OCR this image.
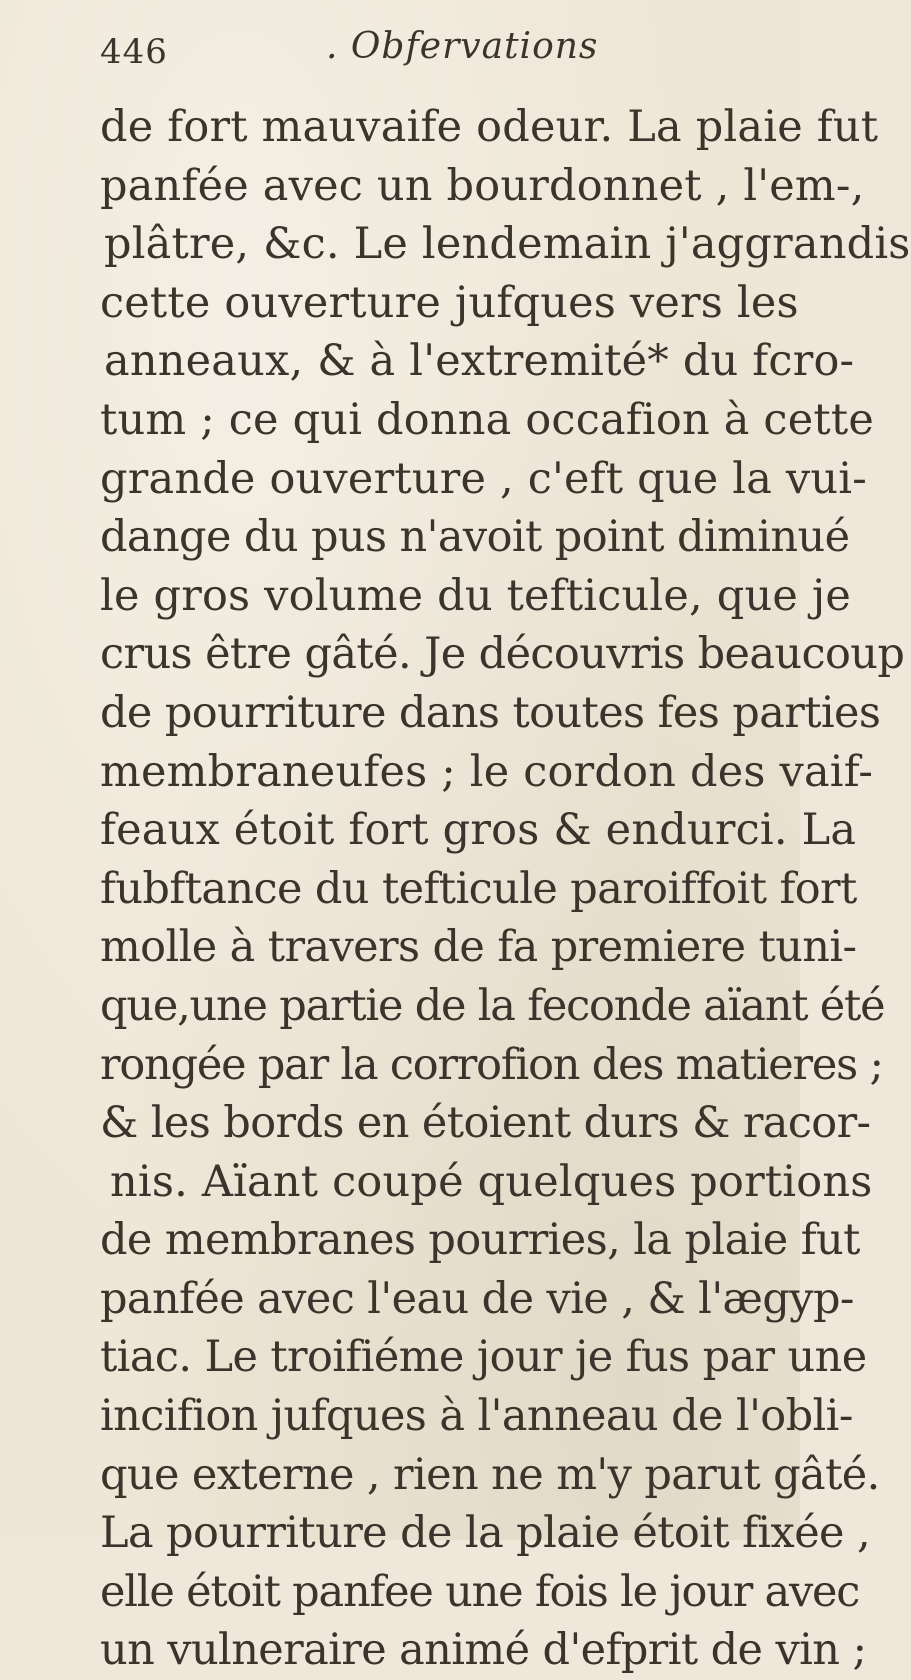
446	. Obfervations
de fort mauvaife odeur. La plaie fut
panfée avec un bourdonnet , l'em-,
plâtre, &c. Le lendemain j'aggrandis
cette ouverture jufques vers les
anneaux, & à l'extremité* du fcro-
tum ; ce qui donna occafion à cette
grande ouverture , c'eft que la vui-
dange du pus n'avoit point diminué
le gros volume du tefticule, que je
crus être gâté. Je découvris beaucoup
de pourriture dans toutes fes parties
membraneufes ; le cordon des vaif-
feaux étoit fort gros & endurci. La
fubftance du tefticule paroiffoit fort
molle à travers de fa premiere tuni-
que,une partie de la feconde aïant été
rongée par la corrofion des matieres ;
& les bords en étoient durs & racor-
nis. Aïant coupé quelques portions
de membranes pourries, la plaie fut
panfée avec l'eau de vie , & l'ægyp-
tiac. Le troifiéme jour je fus par une
incifion jufques à l'anneau de l'obli-
que externe , rien ne m'y parut gâté.
La pourriture de la plaie étoit fixée ,
elle étoit panfee une fois le jour avec
un vulneraire animé d'efprit de vin ;
